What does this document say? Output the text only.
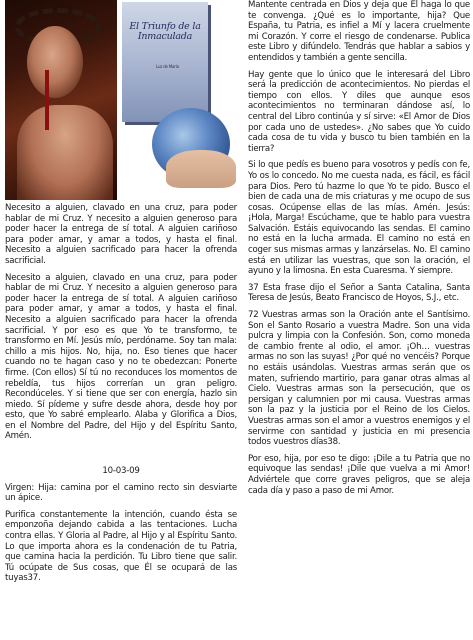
El Triunfo de la Inmaculada
Luz de María

Necesito a alguien, clavado en una cruz, para poder hablar de mi Cruz. Y necesito a alguien generoso para poder hacer la entrega de sí total. A alguien cariñoso para poder amar, y amar a todos, y hasta el final. Necesito a alguien sacrificado para hacer la ofrenda sacrificial.

Necesito a alguien, clavado en una cruz, para poder hablar de mi Cruz. Y necesito a alguien generoso para poder hacer la entrega de sí total. A alguien cariñoso para poder amar, y amar a todos, y hasta el final. Necesito a alguien sacrificado para hacer la ofrenda sacrificial. Y por eso es que Yo te transformo, te transformo en Mí. Jesús mío, perdóname. Soy tan mala: chillo a mis hijos. No, hija, no. Eso tienes que hacer cuando no te hagan caso y no te obedezcan: Ponerte firme. (Con ellos) Sí tú no reconduces los momentos de rebeldía, tus hijos correrían un gran peligro. Recondúceles. Y si tiene que ser con energía, hazlo sin miedo. Sí pídeme y sufre desde ahora, desde hoy por esto, que Yo sabré emplearlo. Alaba y Glorifica a Dios, en el Nombre del Padre, del Hijo y del Espíritu Santo, Amén.

10-03-09

Virgen: Hija: camina por el camino recto sin desviarte un ápice.

Purifica constantemente la intención, cuando ésta se emponzoña dejando cabida a las tentaciones. Lucha contra ellas. Y Gloria al Padre, al Hijo y al Espíritu Santo. Lo que importa ahora es la condenación de tu Patria, que camina hacia la perdición. Tu Libro tiene que salir. Tú ocúpate de Sus cosas, que Él se ocupará de las tuyas37.

Mantente centrada en Dios y deja que Él haga lo que te convenga. ¿Qué es lo importante, hija? Que España, tu Patria, es infiel a Mí y lacera cruelmente mi Corazón. Y corre el riesgo de condenarse. Publica este Libro y difúndelo. Tendrás que hablar a sabios y entendidos y también a gente sencilla.

Hay gente que lo único que le interesará del Libro será la predicción de acontecimientos. No pierdas el tiempo con ellos. Y diles que aunque esos acontecimientos no terminaran dándose así, lo central del Libro continúa y sí sirve: «El Amor de Dios por cada uno de ustedes». ¿No sabes que Yo cuido cada cosa de tu vida y busco tu bien también en la tierra?

Si lo que pedís es bueno para vosotros y pedís con fe, Yo os lo concedo. No me cuesta nada, es fácil, es fácil para Dios. Pero tú hazme lo que Yo te pido. Busco el bien de cada una de mis criaturas y me ocupo de sus cosas. Ocúpense ellas de las mías. Amén. Jesús: ¡Hola, Marga! Escúchame, que te hablo para vuestra Salvación. Estáis equivocando las sendas. El camino no está en la lucha armada. El camino no está en coger sus mismas armas y lanzárselas. No. El camino está en utilizar las vuestras, que son la oración, el ayuno y la limosna. En esta Cuaresma. Y siempre.

37 Esta frase dijo el Señor a Santa Catalina, Santa Teresa de Jesús, Beato Francisco de Hoyos, S.J., etc.

72 Vuestras armas son la Oración ante el Santísimo. Son el Santo Rosario a vuestra Madre. Son una vida pulcra y limpia con la Confesión. Son, como moneda de cambio frente al odio, el amor. ¡Oh… vuestras armas no son las suyas! ¿Por qué no vencéis? Porque no estáis usándolas. Vuestras armas serán que os maten, sufriendo martirio, para ganar otras almas al Cielo. Vuestras armas son la persecución, que os persigan y calumnien por mi causa. Vuestras armas son la paz y la justicia por el Reino de los Cielos. Vuestras armas son el amor a vuestros enemigos y el servirme con santidad y justicia en mi presencia todos vuestros días38.

Por eso, hija, por eso te digo: ¡Dile a tu Patria que no equivoque las sendas! ¡Dile que vuelva a mi Amor! Adviértele que corre graves peligros, que se aleja cada día y paso a paso de mi Amor.
